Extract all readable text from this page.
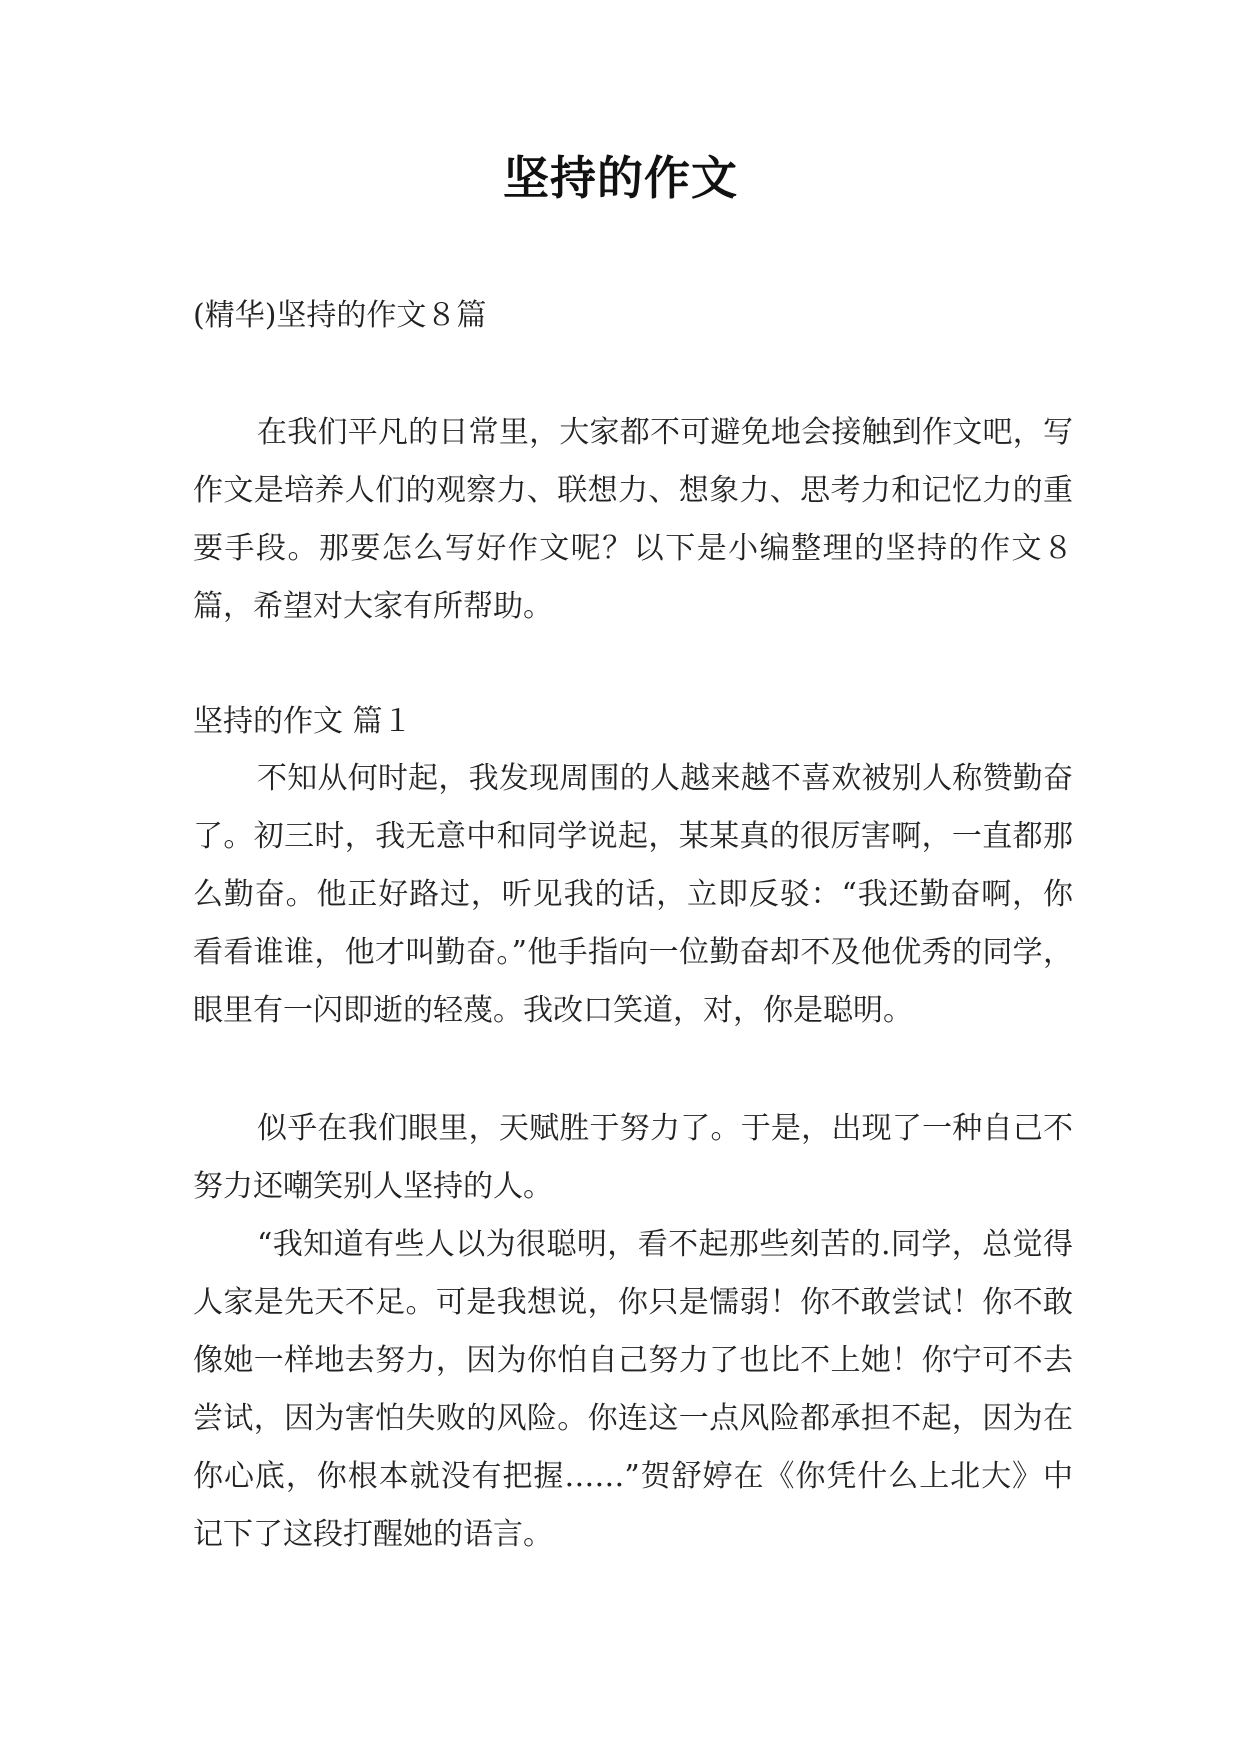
坚持的作文
(精华)坚持的作文８篇
在我们平凡的日常里，大家都不可避免地会接触到作文吧，写作文是培养人们的观察力、联想力、想象力、思考力和记忆力的重要手段。那要怎么写好作文呢？以下是小编整理的坚持的作文８篇，希望对大家有所帮助。
坚持的作文 篇１
不知从何时起，我发现周围的人越来越不喜欢被别人称赞勤奋了。初三时，我无意中和同学说起，某某真的很厉害啊，一直都那么勤奋。他正好路过，听见我的话，立即反驳：“我还勤奋啊，你看看谁谁，他才叫勤奋。”他手指向一位勤奋却不及他优秀的同学，眼里有一闪即逝的轻蔑。我改口笑道，对，你是聪明。
似乎在我们眼里，天赋胜于努力了。于是，出现了一种自己不努力还嘲笑别人坚持的人。
“我知道有些人以为很聪明，看不起那些刻苦的.同学，总觉得人家是先天不足。可是我想说，你只是懦弱！你不敢尝试！你不敢像她一样地去努力，因为你怕自己努力了也比不上她！你宁可不去尝试，因为害怕失败的风险。你连这一点风险都承担不起，因为在你心底，你根本就没有把握……”贺舒婷在《你凭什么上北大》中记下了这段打醒她的语言。
